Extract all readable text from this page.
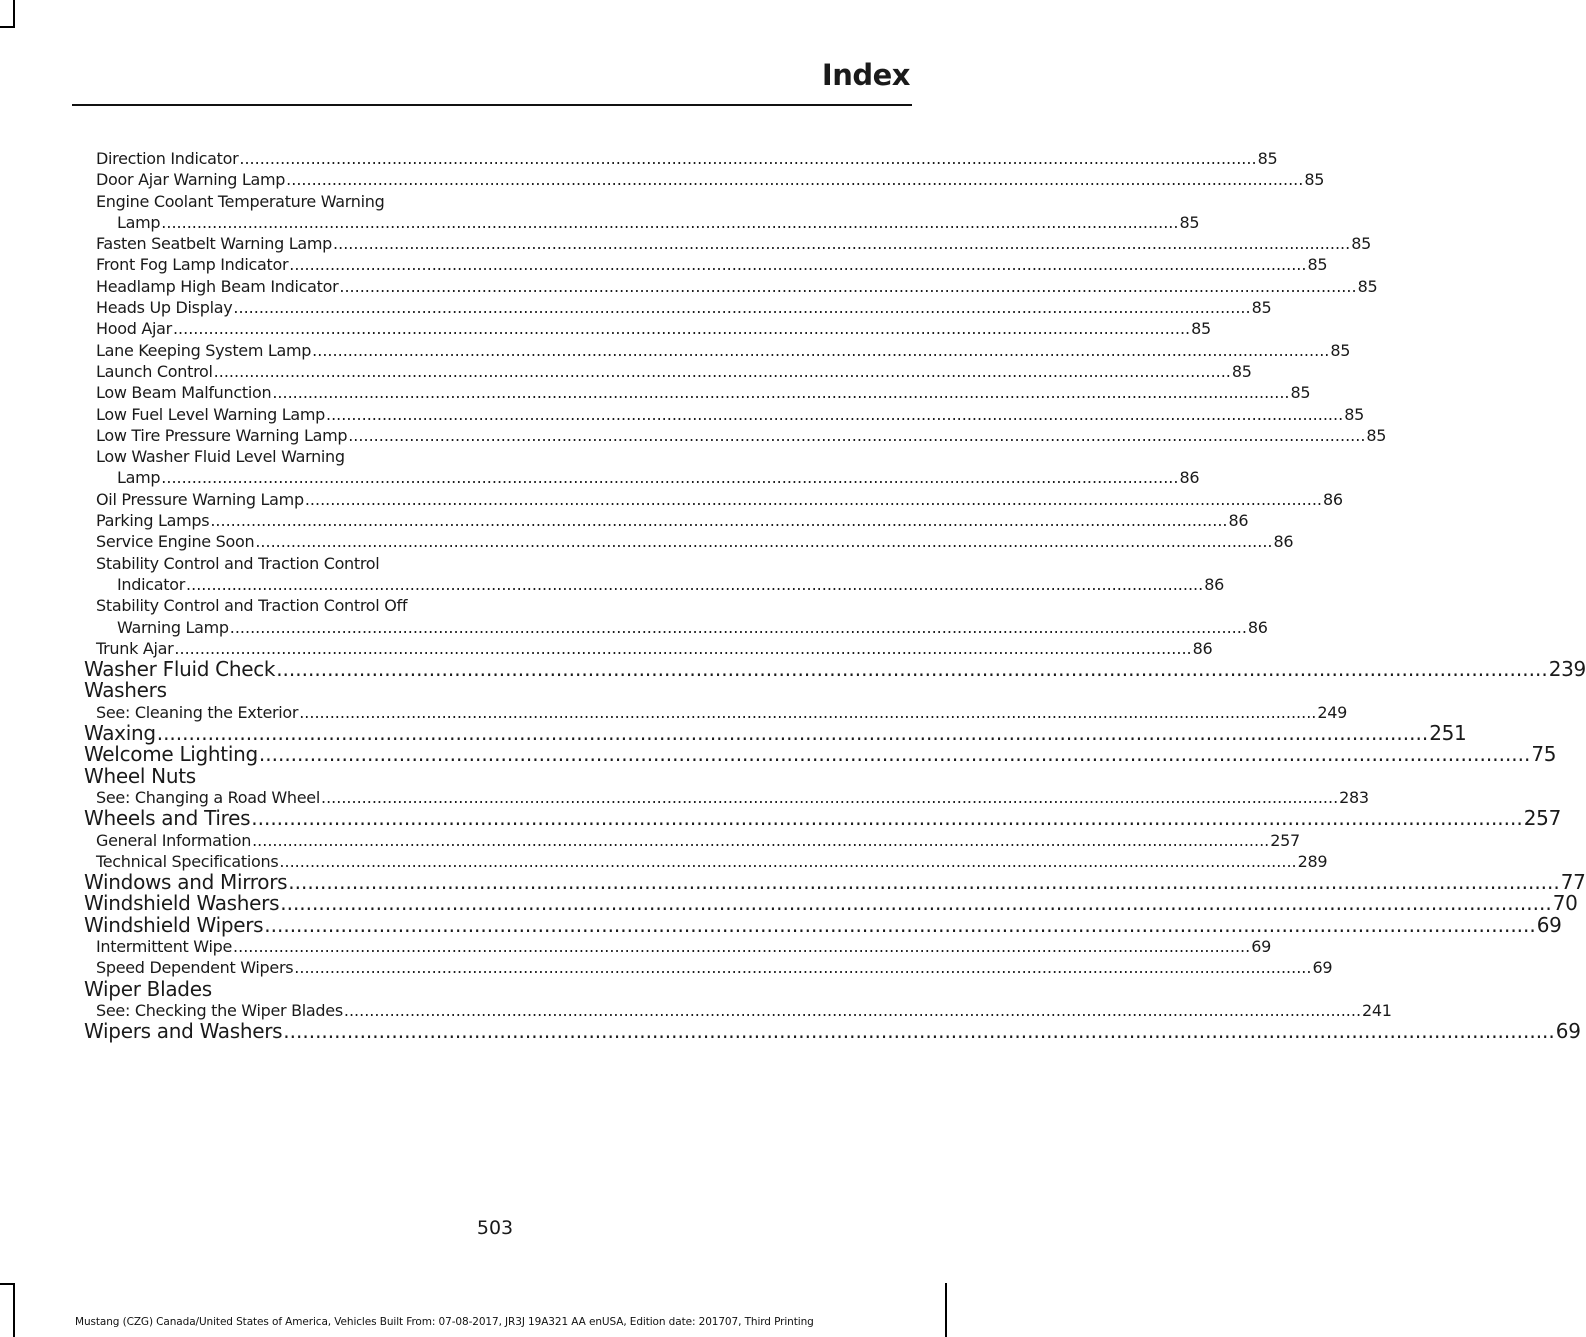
Index
Direction Indicator ........................................................................................................................................................................................................ 85
Door Ajar Warning Lamp ........................................................................................................................................................................................................ 85
Engine Coolant Temperature Warning
Lamp ........................................................................................................................................................................................................ 85
Fasten Seatbelt Warning Lamp ........................................................................................................................................................................................................ 85
Front Fog Lamp Indicator ........................................................................................................................................................................................................ 85
Headlamp High Beam Indicator ........................................................................................................................................................................................................ 85
Heads Up Display ........................................................................................................................................................................................................ 85
Hood Ajar ........................................................................................................................................................................................................ 85
Lane Keeping System Lamp ........................................................................................................................................................................................................ 85
Launch Control ........................................................................................................................................................................................................ 85
Low Beam Malfunction ........................................................................................................................................................................................................ 85
Low Fuel Level Warning Lamp ........................................................................................................................................................................................................ 85
Low Tire Pressure Warning Lamp ........................................................................................................................................................................................................ 85
Low Washer Fluid Level Warning
Lamp ........................................................................................................................................................................................................ 86
Oil Pressure Warning Lamp ........................................................................................................................................................................................................ 86
Parking Lamps ........................................................................................................................................................................................................ 86
Service Engine Soon ........................................................................................................................................................................................................ 86
Stability Control and Traction Control
Indicator ........................................................................................................................................................................................................ 86
Stability Control and Traction Control Off
Warning Lamp ........................................................................................................................................................................................................ 86
Trunk Ajar ........................................................................................................................................................................................................ 86
Washer Fluid Check ........................................................................................................................................................................................................ 239
Washers
See: Cleaning the Exterior ........................................................................................................................................................................................................ 249
Waxing ........................................................................................................................................................................................................ 251
Welcome Lighting ........................................................................................................................................................................................................ 75
Wheel Nuts
See: Changing a Road Wheel ........................................................................................................................................................................................................ 283
Wheels and Tires ........................................................................................................................................................................................................ 257
General Information ........................................................................................................................................................................................................ 257
Technical Specifications ........................................................................................................................................................................................................ 289
Windows and Mirrors ........................................................................................................................................................................................................ 77
Windshield Washers ........................................................................................................................................................................................................ 70
Windshield Wipers ........................................................................................................................................................................................................ 69
Intermittent Wipe ........................................................................................................................................................................................................ 69
Speed Dependent Wipers ........................................................................................................................................................................................................ 69
Wiper Blades
See: Checking the Wiper Blades ........................................................................................................................................................................................................ 241
Wipers and Washers ........................................................................................................................................................................................................ 69
503
Mustang (CZG) Canada/United States of America, Vehicles Built From: 07-08-2017, JR3J 19A321 AA enUSA, Edition date: 201707, Third Printing
